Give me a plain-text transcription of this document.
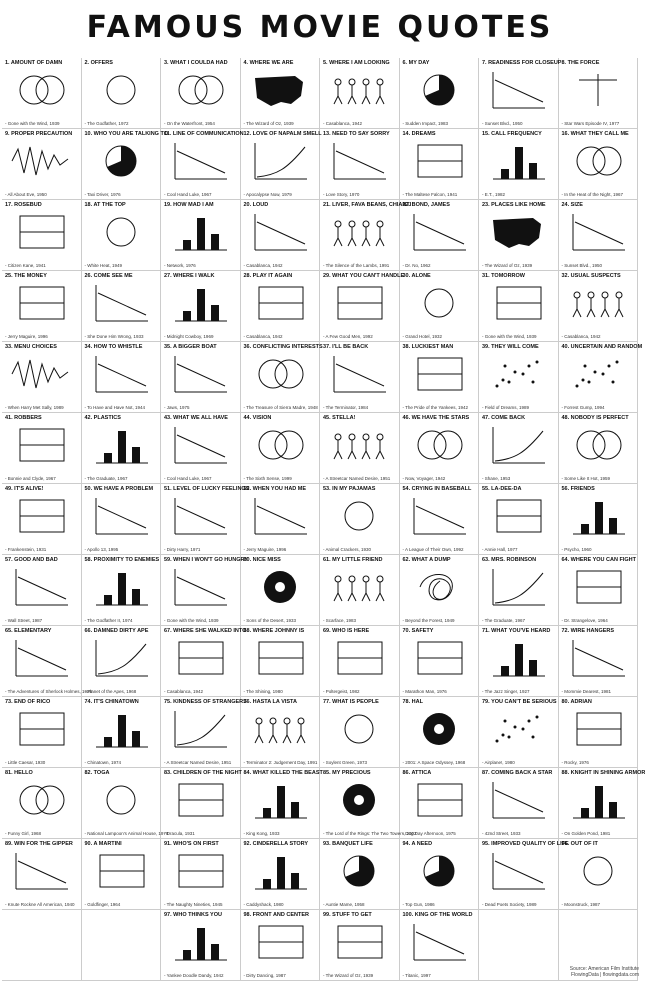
FAMOUS MOVIE QUOTES
1. AMOUNT OF DAMN
- Gone with the Wind, 1939
2. OFFERS
- The Godfather, 1972
3. WHAT I COULDA HAD
- On the Waterfront, 1954
4. WHERE WE ARE
- The Wizard of Oz, 1939
5. WHERE I AM LOOKING
- Casablanca, 1942
6. MY DAY
- Sudden Impact, 1983
7. READINESS FOR CLOSEUP
- Sunset Blvd., 1950
8. THE FORCE
- Star Wars Episode IV, 1977
9. PROPER PRECAUTION
- All About Eve, 1950
10. WHO YOU ARE TALKING TO
- Taxi Driver, 1976
11. LINE OF COMMUNICATION
- Cool Hand Luke, 1967
12. LOVE OF NAPALM SMELL
- Apocalypse Now, 1979
13. NEED TO SAY SORRY
- Love Story, 1970
14. DREAMS
- The Maltese Falcon, 1941
15. CALL FREQUENCY
- E.T., 1982
16. WHAT THEY CALL ME
- In the Heat of the Night, 1967
17. ROSEBUD
- Citizen Kane, 1941
18. AT THE TOP
- White Heat, 1949
19. HOW MAD I AM
- Network, 1976
20. LOUD
- Casablanca, 1942
21. LIVER, FAVA BEANS, CHIANTI
- The Silence of the Lambs, 1991
22. BOND, JAMES
- Dr. No, 1962
23. PLACES LIKE HOME
- The Wizard of Oz, 1939
24. SIZE
- Sunset Blvd., 1950
25. THE MONEY
- Jerry Maguire, 1996
26. COME SEE ME
- She Done Him Wrong, 1933
27. WHERE I WALK
- Midnight Cowboy, 1969
28. PLAY IT AGAIN
- Casablanca, 1942
29. WHAT YOU CAN'T HANDLE
- A Few Good Men, 1992
30. ALONE
- Grand Hotel, 1932
31. TOMORROW
- Gone with the Wind, 1939
32. USUAL SUSPECTS
- Casablanca, 1942
33. MENU CHOICES
- When Harry Met Sally, 1989
34. HOW TO WHISTLE
- To Have and Have Not, 1944
35. A BIGGER BOAT
- Jaws, 1975
36. CONFLICTING INTERESTS
- The Treasure of Sierra Madre, 1948
37. I'LL BE BACK
- The Terminator, 1984
38. LUCKIEST MAN
- The Pride of the Yankees, 1942
39. THEY WILL COME
- Field of Dreams, 1989
40. UNCERTAIN AND RANDOM
- Forrest Gump, 1994
41. ROBBERS
- Bonnie and Clyde, 1967
42. PLASTICS
- The Graduate, 1967
43. WHAT WE ALL HAVE
- Cool Hand Luke, 1967
44. VISION
- The Sixth Sense, 1999
45. STELLA!
- A Streetcar Named Desire, 1951
46. WE HAVE THE STARS
- Now, Voyager, 1942
47. COME BACK
- Shane, 1953
48. NOBODY IS PERFECT
- Some Like It Hot, 1959
49. IT'S ALIVE!
- Frankenstein, 1931
50. WE HAVE A PROBLEM
- Apollo 13, 1995
51. LEVEL OF LUCKY FEELINGS
- Dirty Harry, 1971
52. WHEN YOU HAD ME
- Jerry Maguire, 1996
53. IN MY PAJAMAS
- Animal Crackers, 1930
54. CRYING IN BASEBALL
- A League of Their Own, 1992
55. LA-DEE-DA
- Annie Hall, 1977
56. FRIENDS
- Psycho, 1960
57. GOOD AND BAD
- Wall Street, 1987
58. PROXIMITY TO ENEMIES
- The Godfather II, 1974
59. WHEN I WON'T GO HUNGRY
- Gone with the Wind, 1939
60. NICE MISS
- Sons of the Desert, 1933
61. MY LITTLE FRIEND
- Scarface, 1983
62. WHAT A DUMP
- Beyond the Forest, 1949
63. MRS. ROBINSON
- The Graduate, 1967
64. WHERE YOU CAN FIGHT
- Dr. Strangelove, 1964
65. ELEMENTARY
- The Adventures of Sherlock Holmes, 1939
66. DAMNED DIRTY APE
- Planet of the Apes, 1968
67. WHERE SHE WALKED INTO
- Casablanca, 1942
68. WHERE JOHNNY IS
- The Shining, 1980
69. WHO IS HERE
- Poltergeist, 1982
70. SAFETY
- Marathon Man, 1976
71. WHAT YOU'VE HEARD
- The Jazz Singer, 1927
72. WIRE HANGERS
- Mommie Dearest, 1981
73. END OF RICO
- Little Caesar, 1930
74. IT'S CHINATOWN
- Chinatown, 1974
75. KINDNESS OF STRANGERS
- A Streetcar Named Desire, 1951
76. HASTA LA VISTA
- Terminator 2: Judgement Day, 1991
77. WHAT IS PEOPLE
- Soylent Green, 1973
78. HAL
- 2001: A Space Odyssey, 1968
79. YOU CAN'T BE SERIOUS
- Airplane!, 1980
80. ADRIAN
- Rocky, 1976
81. HELLO
- Funny Girl, 1968
82. TOGA
- National Lampoon's Animal House, 1978
83. CHILDREN OF THE NIGHT
- Dracula, 1931
84. WHAT KILLED THE BEAST
- King Kong, 1933
85. MY PRECIOUS
- The Lord of the Rings: The Two Towers, 2002
86. ATTICA
- Dog Day Afternoon, 1975
87. COMING BACK A STAR
- 42nd Street, 1933
88. KNIGHT IN SHINING ARMOR
- On Golden Pond, 1981
89. WIN FOR THE GIPPER
- Knute Rockne All American, 1940
90. A MARTINI
- Goldfinger, 1964
91. WHO'S ON FIRST
- The Naughty Nineties, 1945
92. CINDERELLA STORY
- Caddyshack, 1980
93. BANQUET LIFE
- Auntie Mame, 1958
94. A NEED
- Top Gun, 1986
95. IMPROVED QUALITY OF LIFE
- Dead Poets Society, 1989
96. OUT OF IT
- Moonstruck, 1987
97. WHO THINKS YOU
- Yankee Doodle Dandy, 1942
98. FRONT AND CENTER
- Dirty Dancing, 1987
99. STUFF TO GET
- The Wizard of Oz, 1939
100. KING OF THE WORLD
- Titanic, 1997
Source: American Film Institute
FlowingData | flowingdata.com
